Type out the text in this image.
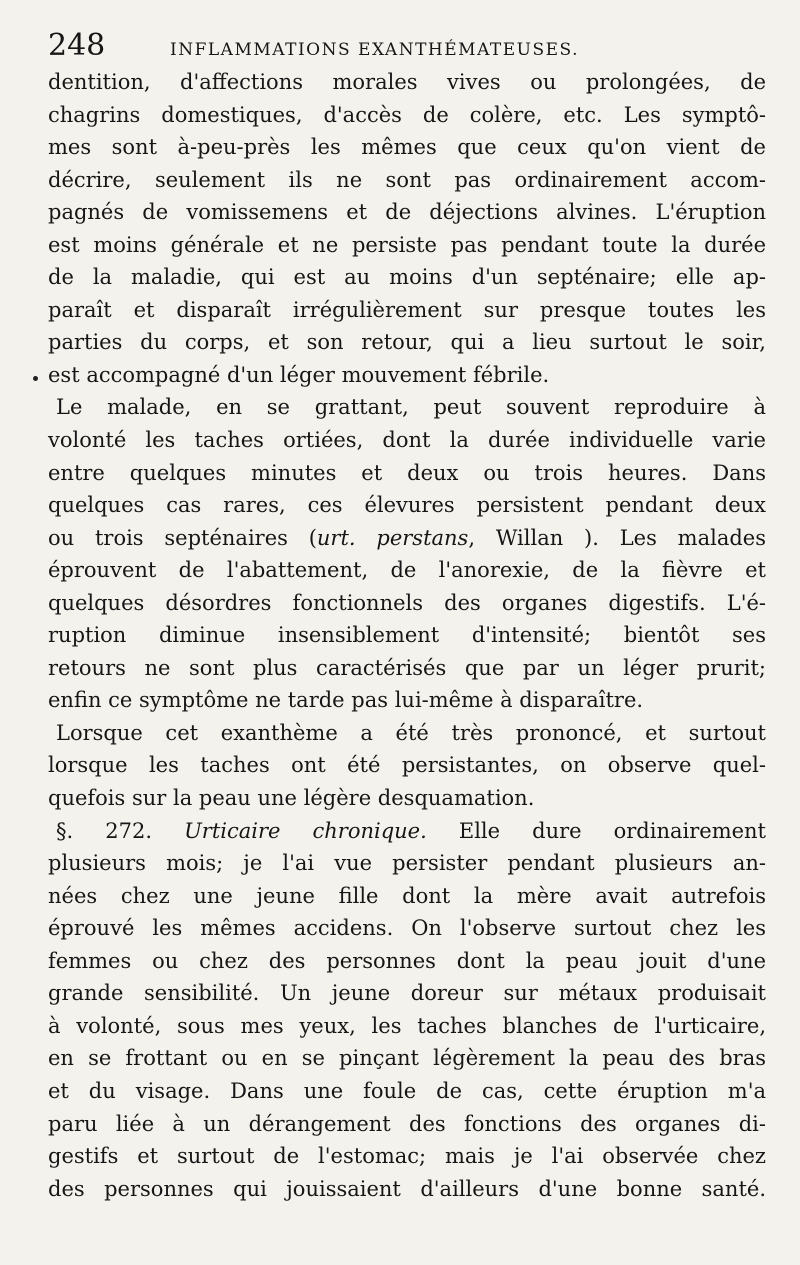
248	INFLAMMATIONS EXANTHÉMATEUSES.
dentition, d'affections morales vives ou prolongées, de
chagrins domestiques, d'accès de colère, etc. Les symptô-
mes sont à-peu-près les mêmes que ceux qu'on vient de
décrire, seulement ils ne sont pas ordinairement accom-
pagnés de vomissemens et de déjections alvines. L'éruption
est moins générale et ne persiste pas pendant toute la durée
de la maladie, qui est au moins d'un septénaire; elle ap-
paraît et disparaît irrégulièrement sur presque toutes les
parties du corps, et son retour, qui a lieu surtout le soir,
est accompagné d'un léger mouvement fébrile.
Le malade, en se grattant, peut souvent reproduire à
volonté les taches ortiées, dont la durée individuelle varie
entre quelques minutes et deux ou trois heures. Dans
quelques cas rares, ces élevures persistent pendant deux
ou trois septénaires (urt. perstans, Willan ). Les malades
éprouvent de l'abattement, de l'anorexie, de la fièvre et
quelques désordres fonctionnels des organes digestifs. L'é-
ruption diminue insensiblement d'intensité; bientôt ses
retours ne sont plus caractérisés que par un léger prurit;
enfin ce symptôme ne tarde pas lui-même à disparaître.
Lorsque cet exanthème a été très prononcé, et surtout
lorsque les taches ont été persistantes, on observe quel-
quefois sur la peau une légère desquamation.
§. 272. Urticaire chronique. Elle dure ordinairement
plusieurs mois; je l'ai vue persister pendant plusieurs an-
nées chez une jeune fille dont la mère avait autrefois
éprouvé les mêmes accidens. On l'observe surtout chez les
femmes ou chez des personnes dont la peau jouit d'une
grande sensibilité. Un jeune doreur sur métaux produisait
à volonté, sous mes yeux, les taches blanches de l'urticaire,
en se frottant ou en se pinçant légèrement la peau des bras
et du visage. Dans une foule de cas, cette éruption m'a
paru liée à un dérangement des fonctions des organes di-
gestifs et surtout de l'estomac; mais je l'ai observée chez
des personnes qui jouissaient d'ailleurs d'une bonne santé.
